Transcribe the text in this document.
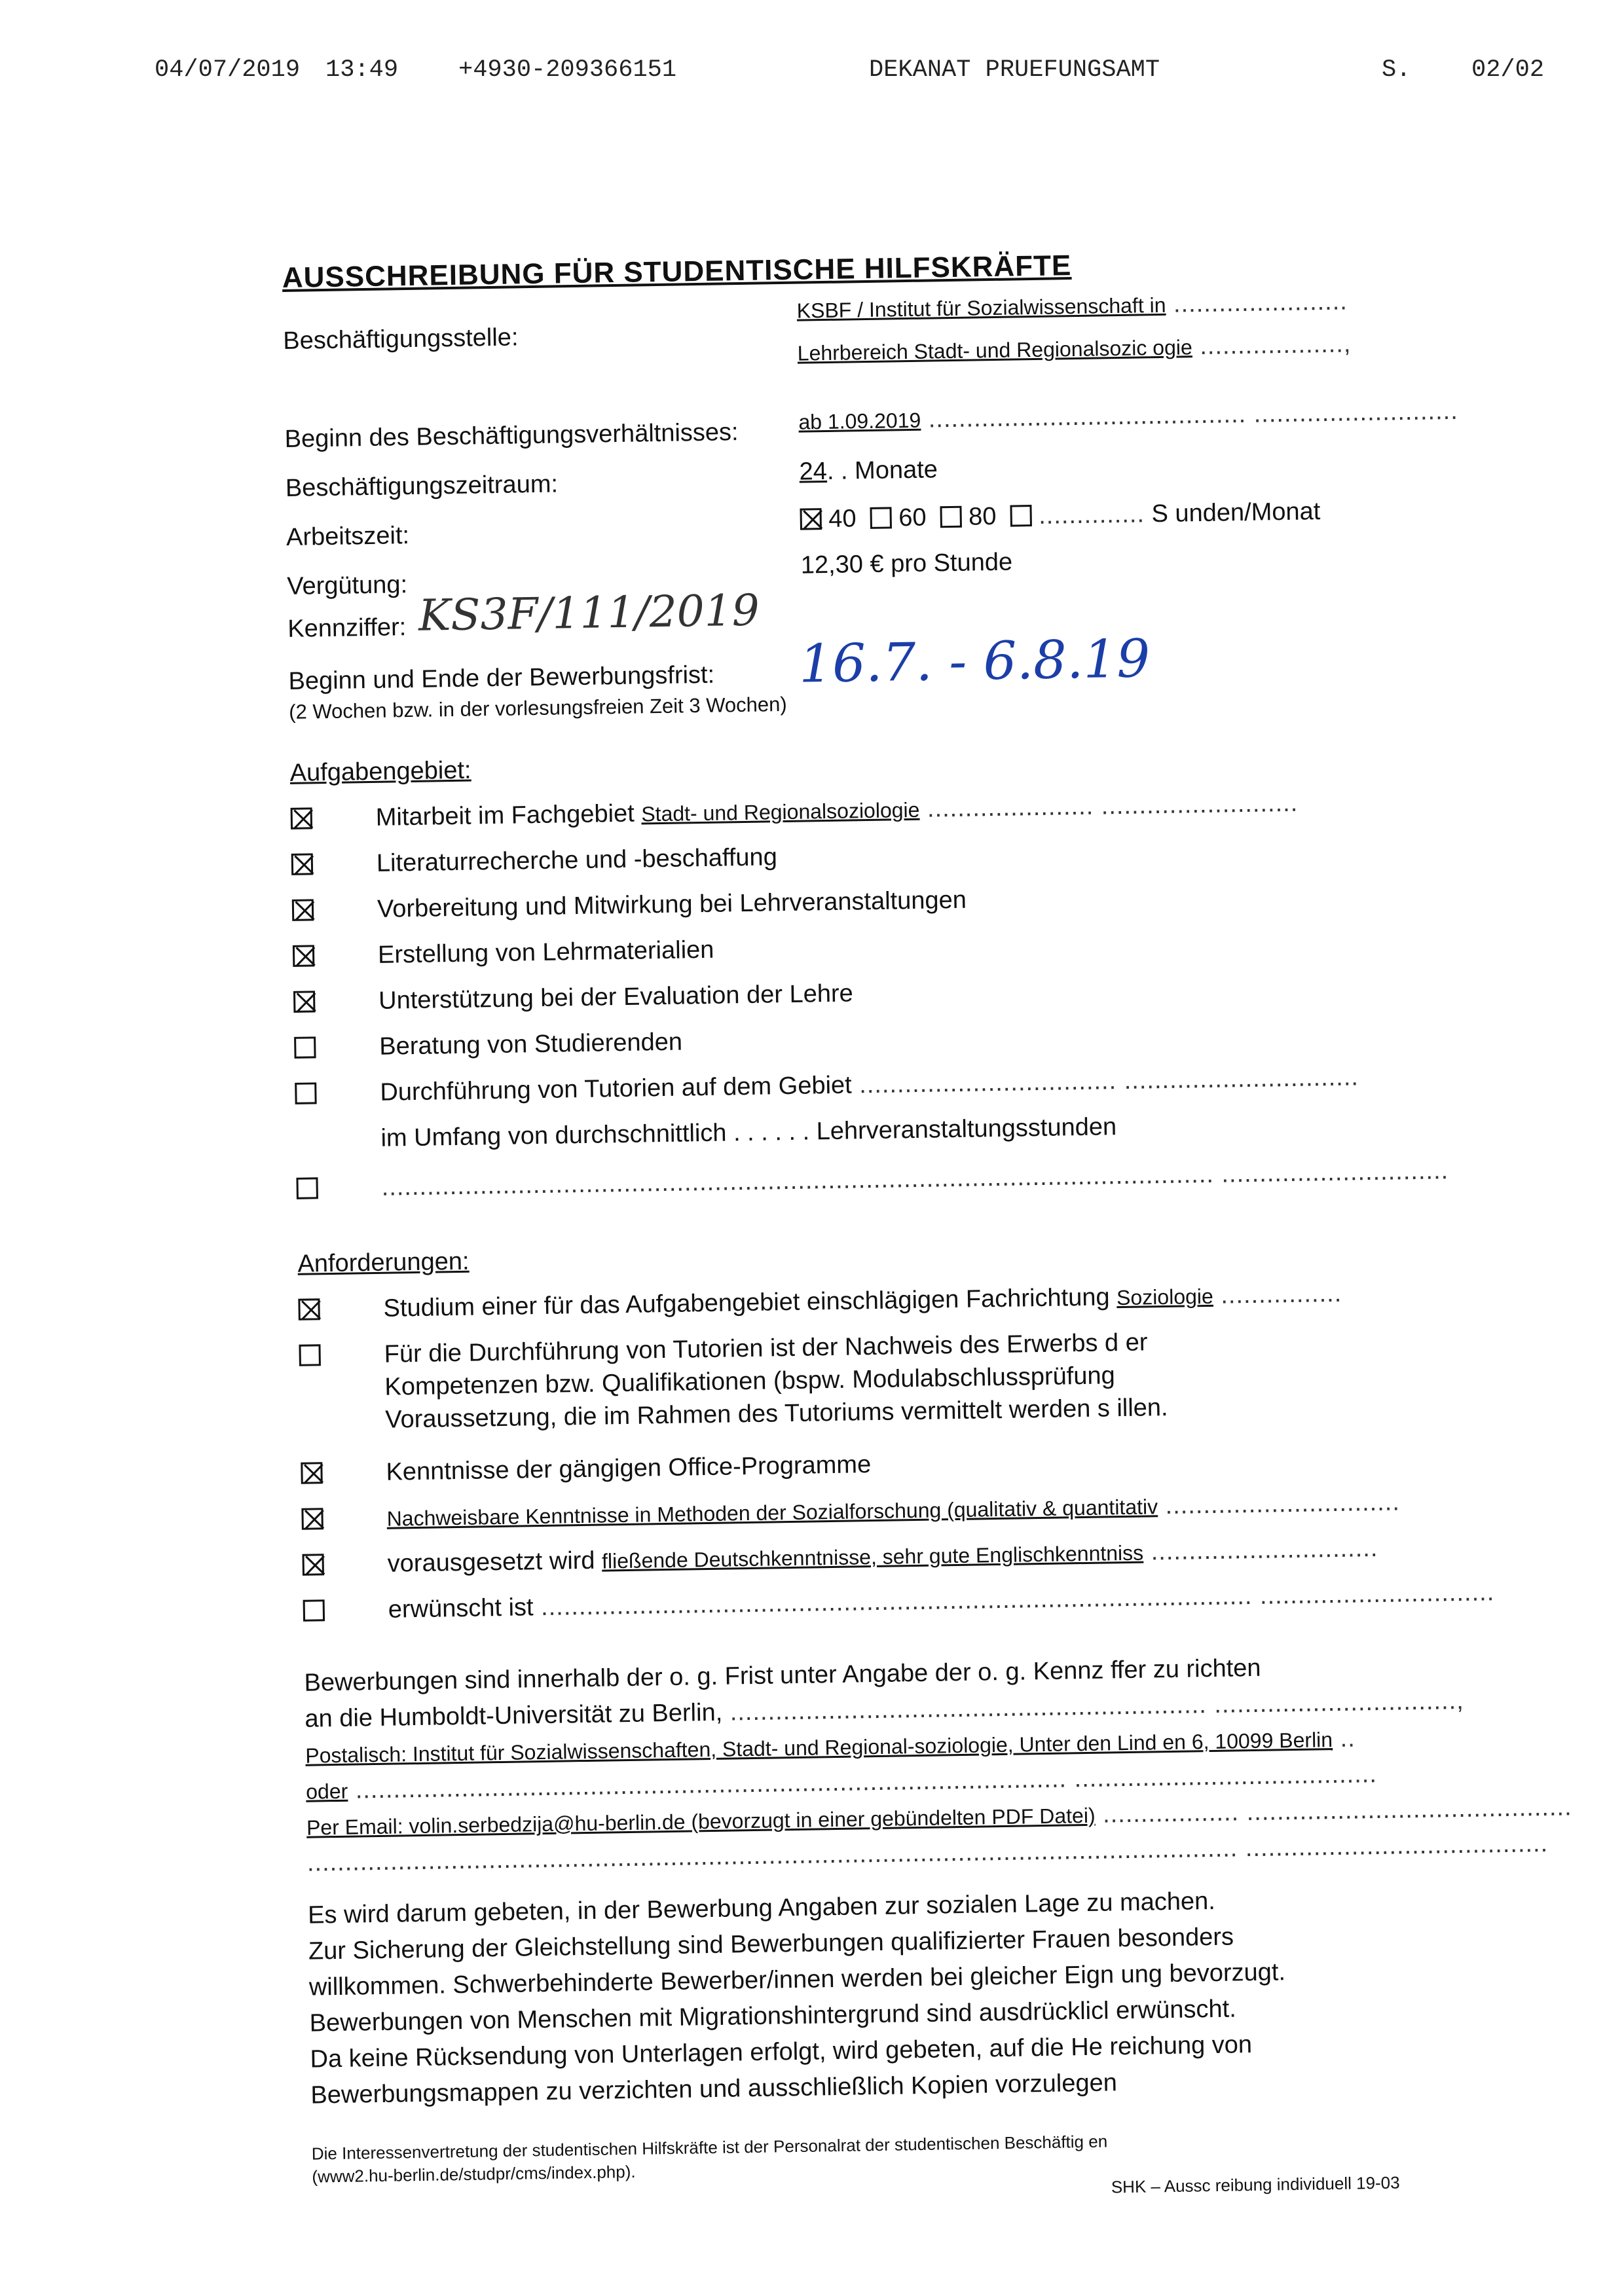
04/07/2019 13:49 +4930-209366151	DEKANAT PRUEFUNGSAMT	S.	02/02
AUSSCHREIBUNG FÜR STUDENTISCHE HILFSKRÄFTE
Beschäftigungsstelle:
KSBF / Institut für Sozialwissenschaft in .......................
Lehrbereich Stadt- und Regionalsozic ogie ...................,
Beginn des Beschäftigungsverhältnisses:	ab 1.09.2019 .......................................... ...........................
Beschäftigungszeitraum:	24. . Monate
Arbeitszeit:
40 60 80 .............. S unden/Monat
Vergütung:
12,30 € pro Stunde
Kennziffer: KS3F/111/2019
Beginn und Ende der Bewerbungsfrist:
(2 Wochen bzw. in der vorlesungsfreien Zeit 3 Wochen)
16.7. - 6.8.19
Aufgabengebiet:
Mitarbeit im Fachgebiet Stadt- und Regionalsoziologie ...................... ..........................
Literaturrecherche und -beschaffung
Vorbereitung und Mitwirkung bei Lehrveranstaltungen
Erstellung von Lehrmaterialien
Unterstützung bei der Evaluation der Lehre
Beratung von Studierenden
Durchführung von Tutorien auf dem Gebiet .................................. ...............................
im Umfang von durchschnittlich . . . . . . Lehrveranstaltungsstunden
.............................................................................................................. ..............................
Anforderungen:
Studium einer für das Aufgabengebiet einschlägigen Fachrichtung Soziologie ................
Für die Durchführung von Tutorien ist der Nachweis des Erwerbs d er
Kompetenzen bzw. Qualifikationen (bspw. Modulabschlussprüfung
Voraussetzung, die im Rahmen des Tutoriums vermittelt werden s illen.
Kenntnisse der gängigen Office-Programme
Nachweisbare Kenntnisse in Methoden der Sozialforschung (qualitativ & quantitativ ...............................
vorausgesetzt wird fließende Deutschkenntnisse, sehr gute Englischkenntniss ..............................
erwünscht ist .............................................................................................. ...............................
Bewerbungen sind innerhalb der o. g. Frist unter Angabe der o. g. Kennz ffer zu richten
an die Humboldt-Universität zu Berlin, ............................................................... ................................,
Postalisch: Institut für Sozialwissenschaften, Stadt- und Regional-soziologie, Unter den Lind en 6, 10099 Berlin ..
oder .............................................................................................. ........................................
Per Email: volin.serbedzija@hu-berlin.de (bevorzugt in einer gebündelten PDF Datei) .................. ...........................................
........................................................................................................................... ........................................
Es wird darum gebeten, in der Bewerbung Angaben zur sozialen Lage zu machen.
Zur Sicherung der Gleichstellung sind Bewerbungen qualifizierter Frauen besonders
willkommen. Schwerbehinderte Bewerber/innen werden bei gleicher Eign ung bevorzugt.
Bewerbungen von Menschen mit Migrationshintergrund sind ausdrücklicl erwünscht.
Da keine Rücksendung von Unterlagen erfolgt, wird gebeten, auf die He reichung von
Bewerbungsmappen zu verzichten und ausschließlich Kopien vorzulegen
Die Interessenvertretung der studentischen Hilfskräfte ist der Personalrat der studentischen Beschäftig en
(www2.hu-berlin.de/studpr/cms/index.php).	SHK – Aussc reibung individuell 19-03
